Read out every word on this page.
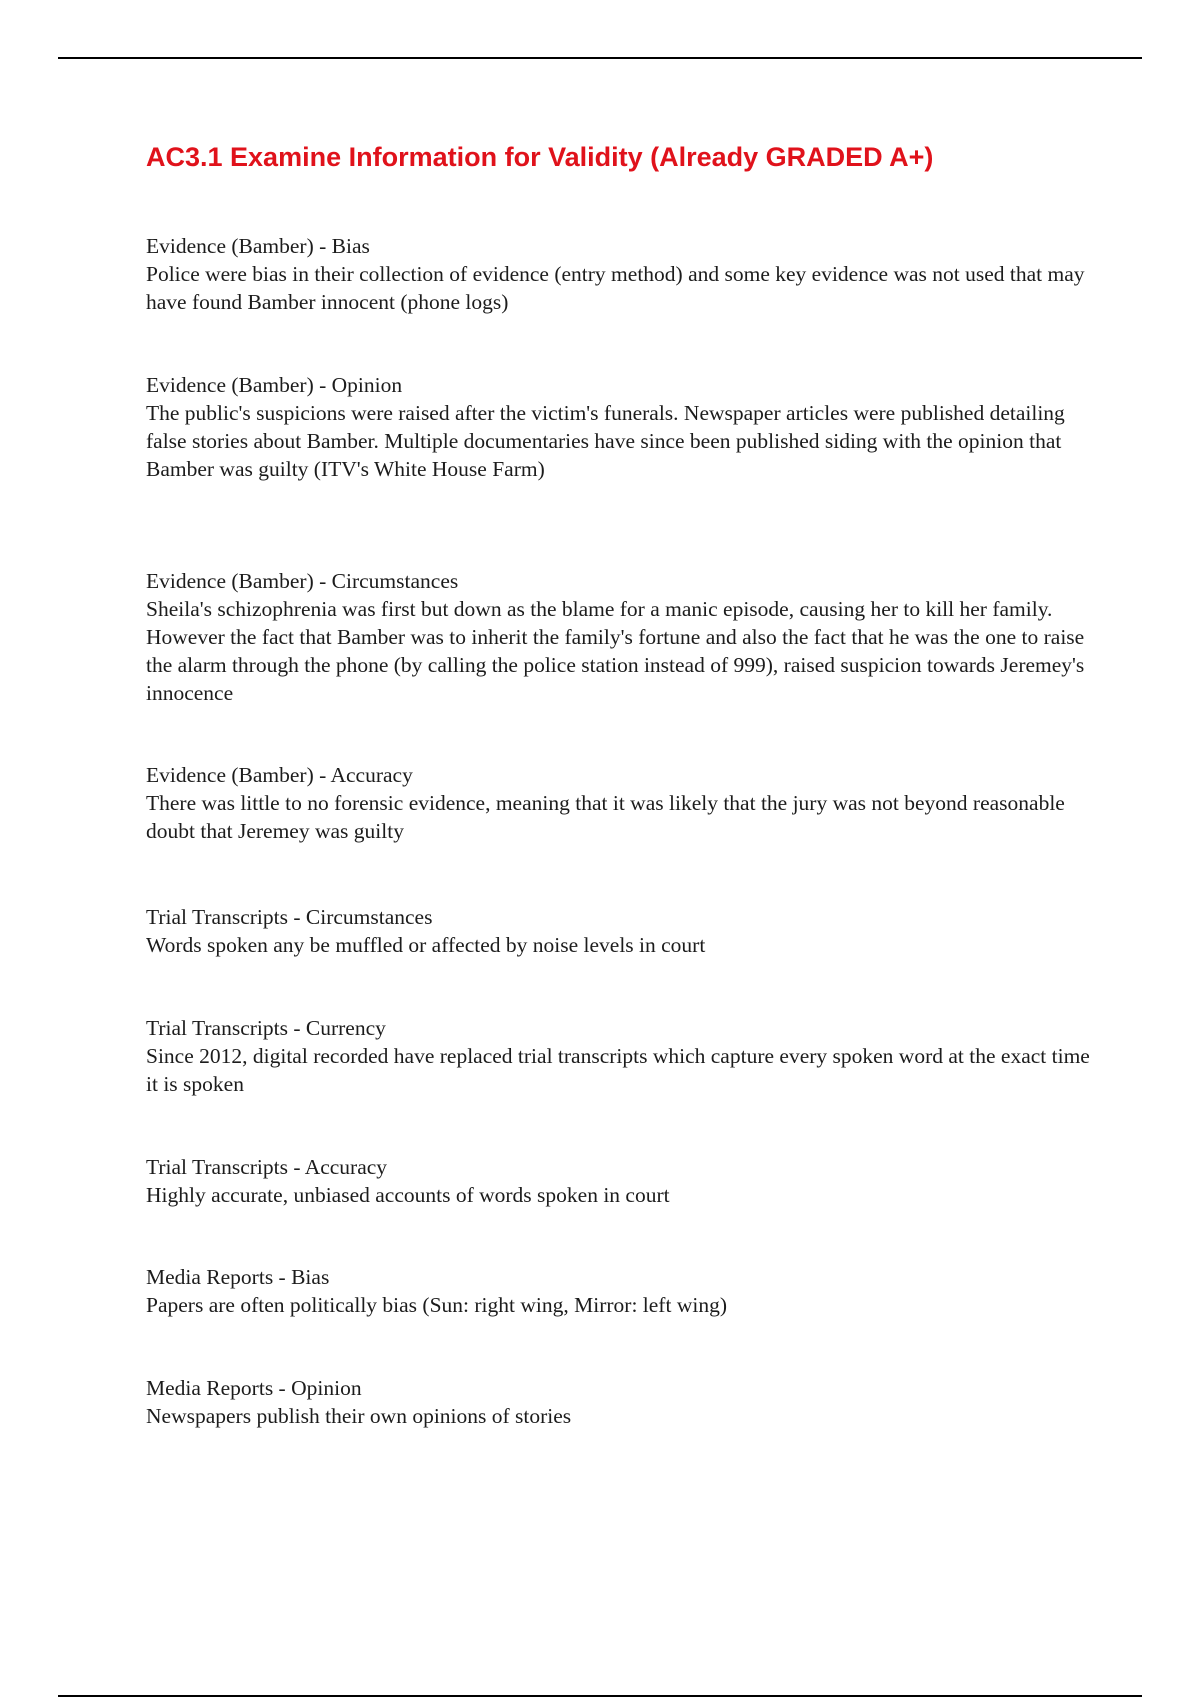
AC3.1 Examine Information for Validity (Already GRADED A+)
Evidence (Bamber) - Bias
Police were bias in their collection of evidence (entry method) and some key evidence was not used that may have found Bamber innocent (phone logs)
Evidence (Bamber) - Opinion
The public's suspicions were raised after the victim's funerals. Newspaper articles were published detailing false stories about Bamber. Multiple documentaries have since been published siding with the opinion that Bamber was guilty (ITV's White House Farm)
Evidence (Bamber) - Circumstances
Sheila's schizophrenia was first but down as the blame for a manic episode, causing her to kill her family. However the fact that Bamber was to inherit the family's fortune and also the fact that he was the one to raise the alarm through the phone (by calling the police station instead of 999), raised suspicion towards Jeremey's innocence
Evidence (Bamber) - Accuracy
There was little to no forensic evidence, meaning that it was likely that the jury was not beyond reasonable doubt that Jeremey was guilty
Trial Transcripts - Circumstances
Words spoken any be muffled or affected by noise levels in court
Trial Transcripts - Currency
Since 2012, digital recorded have replaced trial transcripts which capture every spoken word at the exact time it is spoken
Trial Transcripts - Accuracy
Highly accurate, unbiased accounts of words spoken in court
Media Reports - Bias
Papers are often politically bias (Sun: right wing, Mirror: left wing)
Media Reports - Opinion
Newspapers publish their own opinions of stories
